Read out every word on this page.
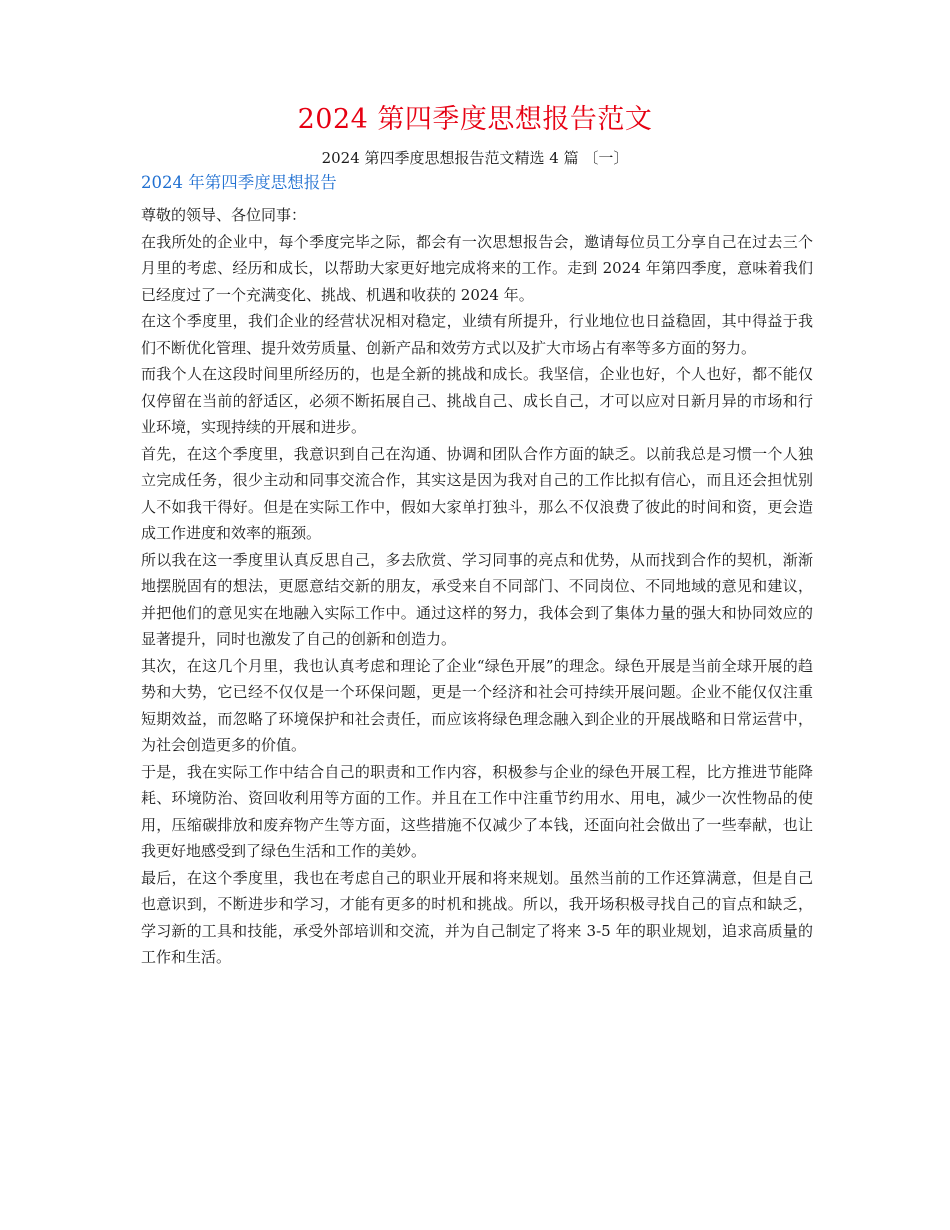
2024 第四季度思想报告范文
2024 第四季度思想报告范文精选 4 篇 〔一〕
2024 年第四季度思想报告

尊敬的领导、各位同事：

在我所处的企业中，每个季度完毕之际，都会有一次思想报告会，邀请每位员工分享自己在过去三个月里的考虑、经历和成长，以帮助大家更好地完成将来的工作。走到 2024 年第四季度，意味着我们已经度过了一个充满变化、挑战、机遇和收获的 2024 年。

在这个季度里，我们企业的经营状况相对稳定，业绩有所提升，行业地位也日益稳固，其中得益于我们不断优化管理、提升效劳质量、创新产品和效劳方式以及扩大市场占有率等多方面的努力。

而我个人在这段时间里所经历的，也是全新的挑战和成长。我坚信，企业也好，个人也好，都不能仅仅停留在当前的舒适区，必须不断拓展自己、挑战自己、成长自己，才可以应对日新月异的市场和行业环境，实现持续的开展和进步。

首先，在这个季度里，我意识到自己在沟通、协调和团队合作方面的缺乏。以前我总是习惯一个人独立完成任务，很少主动和同事交流合作，其实这是因为我对自己的工作比拟有信心，而且还会担忧别人不如我干得好。但是在实际工作中，假如大家单打独斗，那么不仅浪费了彼此的时间和资，更会造成工作进度和效率的瓶颈。

所以我在这一季度里认真反思自己，多去欣赏、学习同事的亮点和优势，从而找到合作的契机，渐渐地摆脱固有的想法，更愿意结交新的朋友，承受来自不同部门、不同岗位、不同地域的意见和建议，并把他们的意见实在地融入实际工作中。通过这样的努力，我体会到了集体力量的强大和协同效应的显著提升，同时也激发了自己的创新和创造力。

其次，在这几个月里，我也认真考虑和理论了企业“绿色开展”的理念。绿色开展是当前全球开展的趋势和大势，它已经不仅仅是一个环保问题，更是一个经济和社会可持续开展问题。企业不能仅仅注重短期效益，而忽略了环境保护和社会责任，而应该将绿色理念融入到企业的开展战略和日常运营中，为社会创造更多的价值。

于是，我在实际工作中结合自己的职责和工作内容，积极参与企业的绿色开展工程，比方推进节能降耗、环境防治、资回收利用等方面的工作。并且在工作中注重节约用水、用电，减少一次性物品的使用，压缩碳排放和废弃物产生等方面，这些措施不仅减少了本钱，还面向社会做出了一些奉献，也让我更好地感受到了绿色生活和工作的美妙。

最后，在这个季度里，我也在考虑自己的职业开展和将来规划。虽然当前的工作还算满意，但是自己也意识到，不断进步和学习，才能有更多的时机和挑战。所以，我开场积极寻找自己的盲点和缺乏，学习新的工具和技能，承受外部培训和交流，并为自己制定了将来 3-5 年的职业规划，追求高质量的工作和生活。
